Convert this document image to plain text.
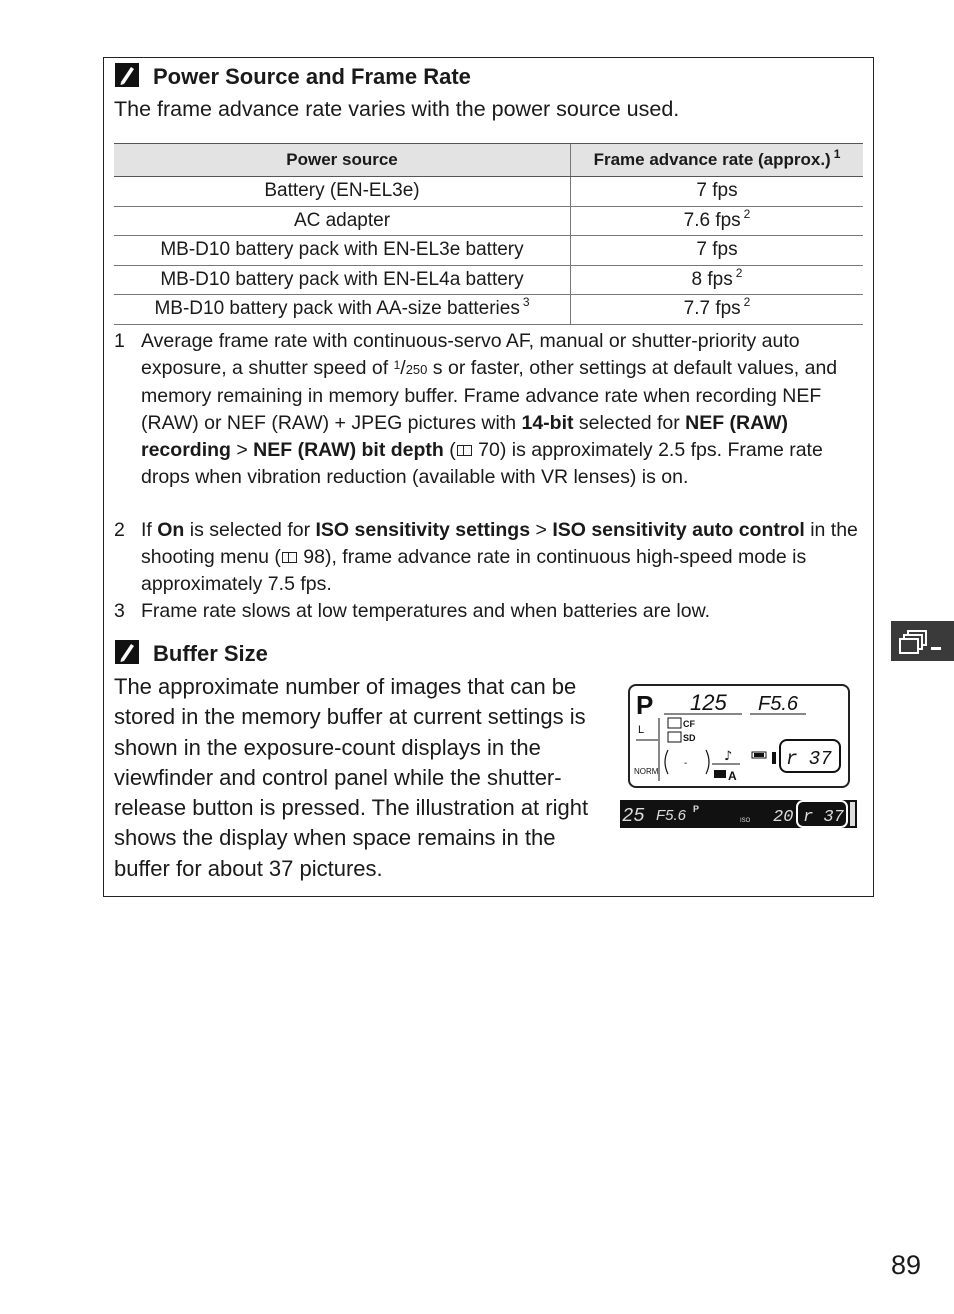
Power Source and Frame Rate
The frame advance rate varies with the power source used.
Power source	Frame advance rate (approx.) $^1$
Battery (EN-EL3e)	7 fps
AC adapter	7.6 fps $^2$
MB-D10 battery pack with EN-EL3e battery	7 fps
MB-D10 battery pack with EN-EL4a battery	8 fps $^2$
MB-D10 battery pack with AA-size batteries $^3$	7.7 fps $^2$
1 Average frame rate with continuous-servo AF, manual or shutter-priority auto exposure, a shutter speed of $^1$/250 s or faster, other settings at default values, and memory remaining in memory buffer. Frame advance rate when recording NEF (RAW) or NEF (RAW) + JPEG pictures with 14-bit selected for NEF (RAW) recording > NEF (RAW) bit depth ( 70) is approximately 2.5 fps. Frame rate drops when vibration reduction (available with VR lenses) is on.
2 If On is selected for ISO sensitivity settings > ISO sensitivity auto control in the shooting menu ( 98), frame advance rate in continuous high-speed mode is approximately 7.5 fps.
3 Frame rate slows at low temperatures and when batteries are low.
Buffer Size
The approximate number of images that can be stored in the memory buffer at current settings is shown in the exposure-count displays in the viewfinder and control panel while the shutter-release button is pressed. The illustration at right shows the display when space remains in the buffer for about 37 pictures.
P 125 F5.6
CF
SD
L
NORM
-	♪
A
r 37
25 F5.6 P
ISO 20 r 37
89
